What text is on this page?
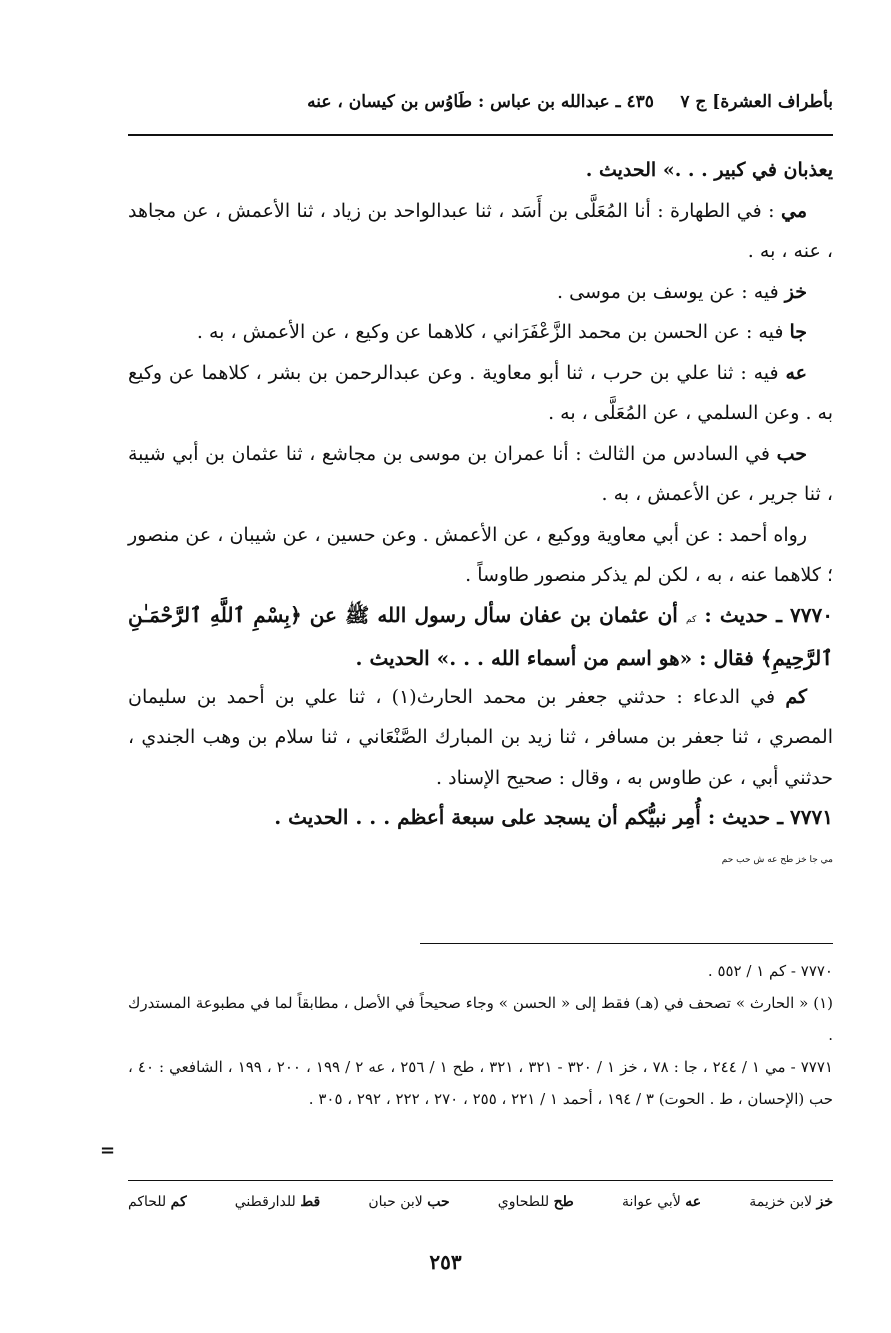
بأطراف العشرة] ج ٧
٤٣٥ ـ عبدالله بن عباس : طَاوُس بن كيسان ، عنه

يعذبان في كبير . . .» الحديث .

مي : في الطهارة : أنا المُعَلَّى بن أَسَد ، ثنا عبدالواحد بن زياد ، ثنا الأعمش ، عن مجاهد ، عنه ، به .

خز فيه : عن يوسف بن موسى .

جا فيه : عن الحسن بن محمد الزَّعْفَرَاني ، كلاهما عن وكيع ، عن الأعمش ، به .

عه فيه : ثنا علي بن حرب ، ثنا أبو معاوية . وعن عبدالرحمن بن بشر ، كلاهما عن وكيع به . وعن السلمي ، عن المُعَلَّى ، به .

حب في السادس من الثالث : أنا عمران بن موسى بن مجاشع ، ثنا عثمان بن أبي شيبة ، ثنا جرير ، عن الأعمش ، به .

رواه أحمد : عن أبي معاوية ووكيع ، عن الأعمش . وعن حسين ، عن شيبان ، عن منصور ؛ كلاهما عنه ، به ، لكن لم يذكر منصور طاوساً .

٧٧٧٠ ـ حديث : كم أن عثمان بن عفان سأل رسول الله ﷺ عن ﴿بِسْمِ ٱللَّهِ ٱلرَّحْمَـٰنِ ٱلرَّحِيمِ﴾ فقال : «هو اسم من أسماء الله . . .» الحديث .

كم في الدعاء : حدثني جعفر بن محمد الحارث(١) ، ثنا علي بن أحمد بن سليمان المصري ، ثنا جعفر بن مسافر ، ثنا زيد بن المبارك الصَّنْعَاني ، ثنا سلام بن وهب الجندي ، حدثني أبي ، عن طاوس به ، وقال : صحيح الإسناد .

٧٧٧١ ـ حديث : أُمِر نبيُّكم أن يسجد على سبعة أعظم . . . الحديث .
مي جا خز طح عه ش حب حم

٧٧٧٠ - كم ١ / ٥٥٢ .

(١) « الحارث » تصحف في (هـ) فقط إلى « الحسن » وجاء صحيحاً في الأصل ، مطابقاً لما في مطبوعة المستدرك .

٧٧٧١ - مي ١ / ٢٤٤ ، جا : ٧٨ ، خز ١ / ٣٢٠ - ٣٢١ ، ٣٢١ ، طح ١ / ٢٥٦ ، عه ٢ / ١٩٩ ، ٢٠٠ ، ١٩٩ ، الشافعي : ٤٠ ، حب (الإحسان ، ط . الحوت) ٣ / ١٩٤ ، أحمد ١ / ٢٢١ ، ٢٥٥ ، ٢٧٠ ، ٢٢٢ ، ٢٩٢ ، ٣٠٥ .

=
خز لابن خزيمة
عه لأبي عوانة
طح للطحاوي
حب لابن حبان
قط للدارقطني
كم للحاكم
٢٥٣
